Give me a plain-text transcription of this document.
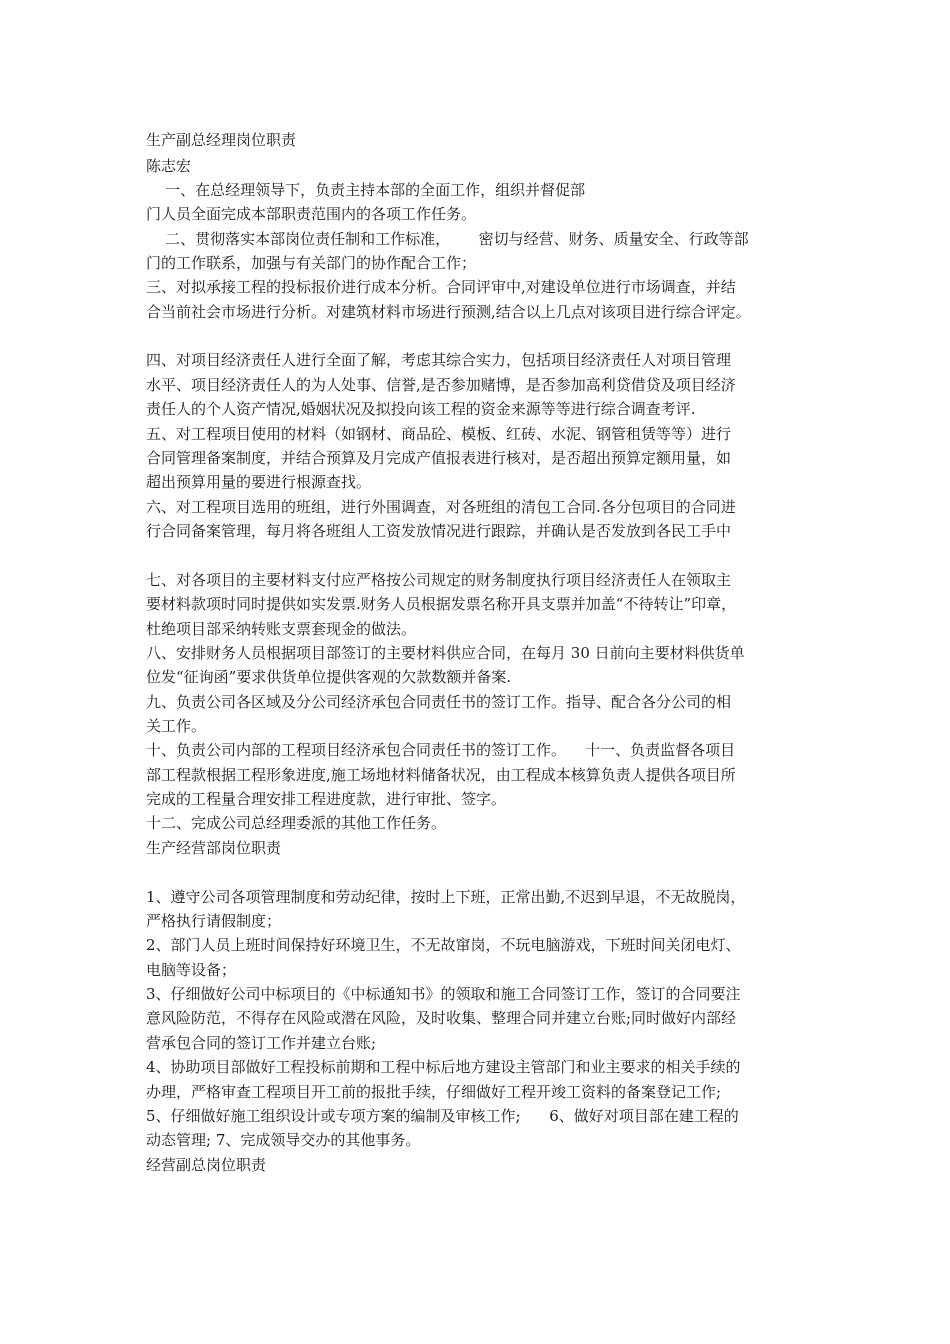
生产副总经理岗位职责
陈志宏
一、在总经理领导下，负责主持本部的全面工作，组织并督促部
门人员全面完成本部职责范围内的各项工作任务。
二、贯彻落实本部岗位责任制和工作标准，      密切与经营、财务、质量安全、行政等部
门的工作联系，加强与有关部门的协作配合工作；
三、对拟承接工程的投标报价进行成本分析。合同评审中,对建设单位进行市场调查，并结
合当前社会市场进行分析。对建筑材料市场进行预测,结合以上几点对该项目进行综合评定。
四、对项目经济责任人进行全面了解，考虑其综合实力，包括项目经济责任人对项目管理
水平、项目经济责任人的为人处事、信誉,是否参加赌博，是否参加高利贷借贷及项目经济
责任人的个人资产情况,婚姻状况及拟投向该工程的资金来源等等进行综合调查考评.
五、对工程项目使用的材料（如钢材、商品砼、模板、红砖、水泥、钢管租赁等等）进行
合同管理备案制度，并结合预算及月完成产值报表进行核对，是否超出预算定额用量，如
超出预算用量的要进行根源查找。
六、对工程项目选用的班组，进行外围调查，对各班组的清包工合同.各分包项目的合同进
行合同备案管理，每月将各班组人工资发放情况进行跟踪，并确认是否发放到各民工手中
七、对各项目的主要材料支付应严格按公司规定的财务制度执行项目经济责任人在领取主
要材料款项时同时提供如实发票.财务人员根据发票名称开具支票并加盖“不待转让”印章，
杜绝项目部采纳转账支票套现金的做法。
八、安排财务人员根据项目部签订的主要材料供应合同，在每月 30 日前向主要材料供货单
位发“征询函”要求供货单位提供客观的欠款数额并备案.
九、负责公司各区域及分公司经济承包合同责任书的签订工作。指导、配合各分公司的相
关工作。
十、负责公司内部的工程项目经济承包合同责任书的签订工作。    十一、负责监督各项目
部工程款根据工程形象进度,施工场地材料储备状况，由工程成本核算负责人提供各项目所
完成的工程量合理安排工程进度款，进行审批、签字。
十二、完成公司总经理委派的其他工作任务。
生产经营部岗位职责
1、遵守公司各项管理制度和劳动纪律，按时上下班，正常出勤,不迟到早退，不无故脱岗，
严格执行请假制度；
2、部门人员上班时间保持好环境卫生，不无故窜岗，不玩电脑游戏，下班时间关闭电灯、
电脑等设备；
3、仔细做好公司中标项目的《中标通知书》的领取和施工合同签订工作，签订的合同要注
意风险防范，不得存在风险或潜在风险，及时收集、整理合同并建立台账;同时做好内部经
营承包合同的签订工作并建立台账;
4、协助项目部做好工程投标前期和工程中标后地方建设主管部门和业主要求的相关手续的
办理，严格审查工程项目开工前的报批手续，仔细做好工程开竣工资料的备案登记工作;
5、仔细做好施工组织设计或专项方案的编制及审核工作;      6、做好对项目部在建工程的
动态管理; 7、完成领导交办的其他事务。
经营副总岗位职责
